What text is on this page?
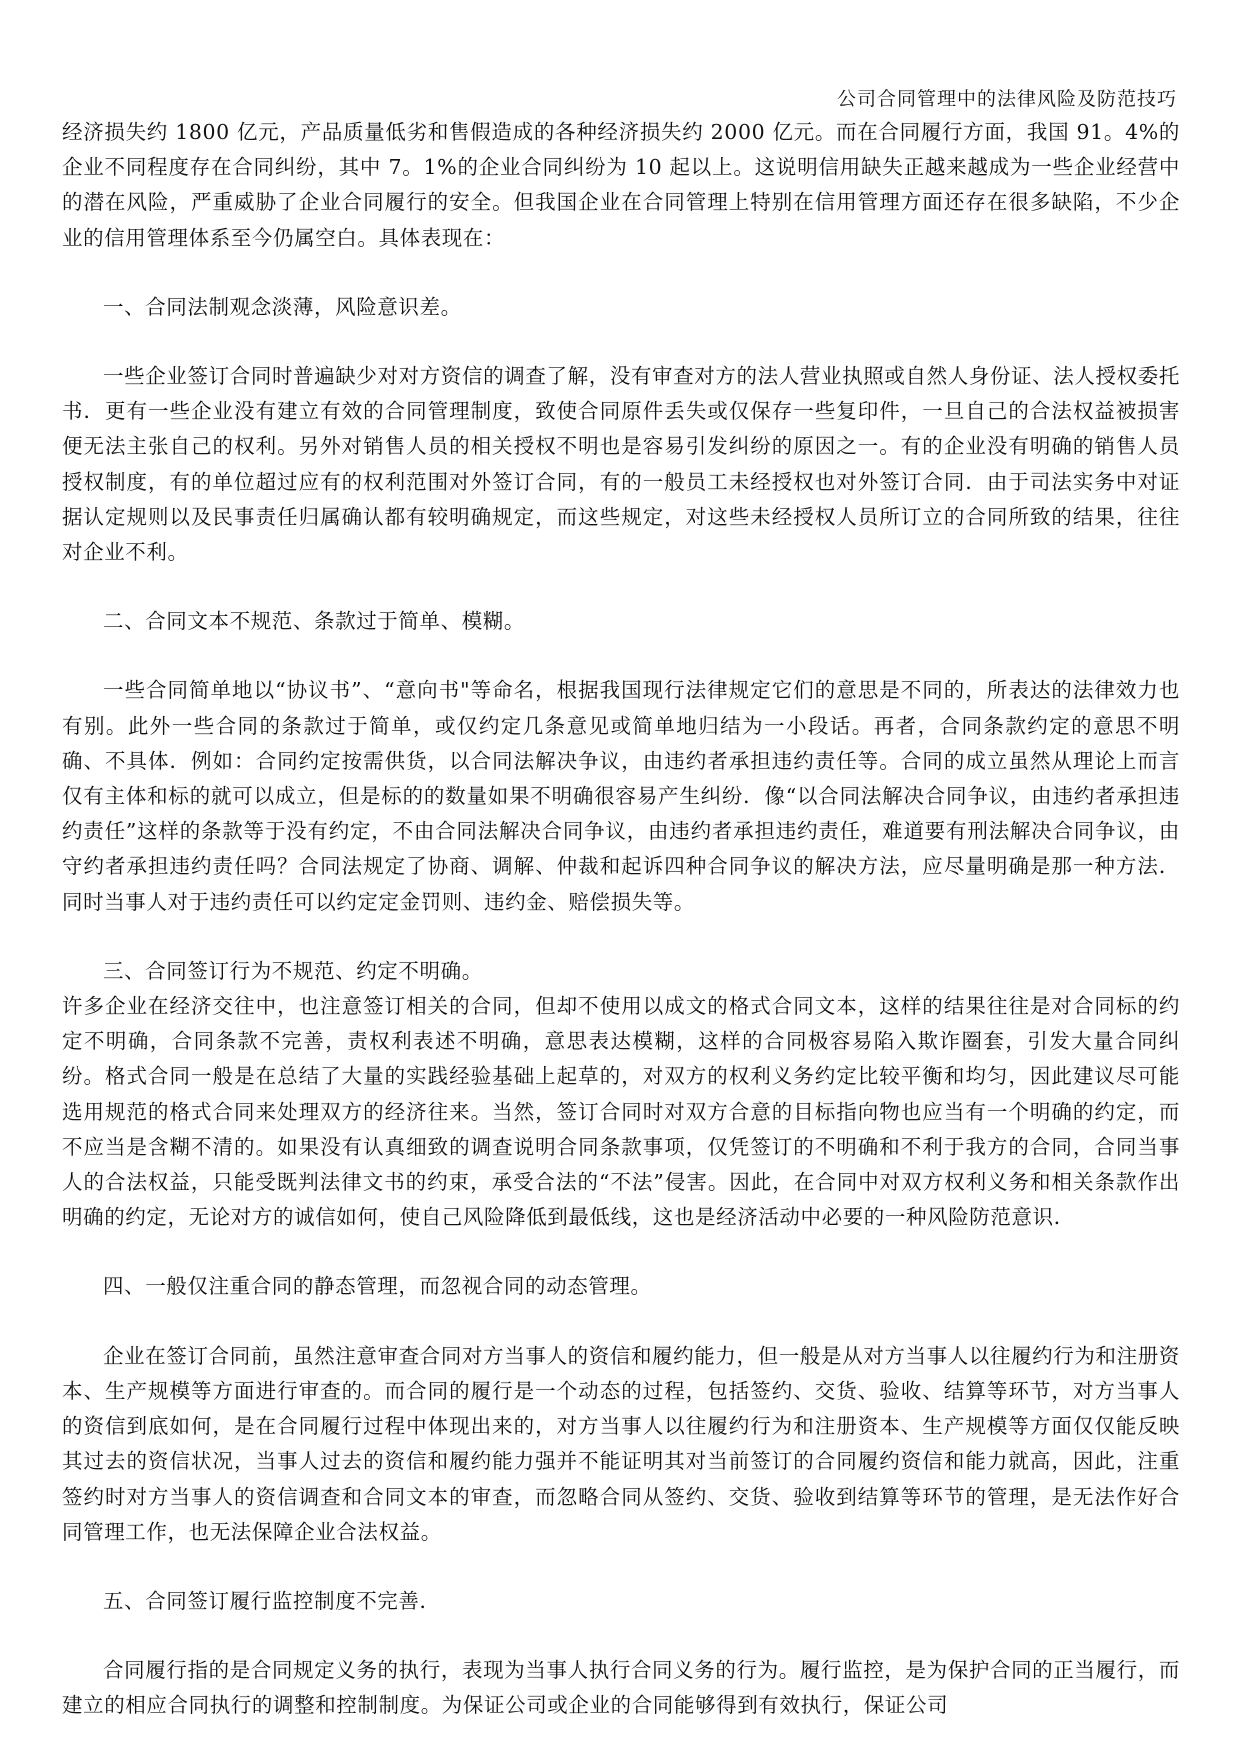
公司合同管理中的法律风险及防范技巧

经济损失约 1800 亿元，产品质量低劣和售假造成的各种经济损失约 2000 亿元。而在合同履行方面，我国 91。4%的企业不同程度存在合同纠纷，其中 7。1%的企业合同纠纷为 10 起以上。这说明信用缺失正越来越成为一些企业经营中的潜在风险，严重威胁了企业合同履行的安全。但我国企业在合同管理上特别在信用管理方面还存在很多缺陷，不少企业的信用管理体系至今仍属空白。具体表现在：

一、合同法制观念淡薄，风险意识差。

一些企业签订合同时普遍缺少对对方资信的调查了解，没有审查对方的法人营业执照或自然人身份证、法人授权委托书．更有一些企业没有建立有效的合同管理制度，致使合同原件丢失或仅保存一些复印件，一旦自己的合法权益被损害便无法主张自己的权利。另外对销售人员的相关授权不明也是容易引发纠纷的原因之一。有的企业没有明确的销售人员授权制度，有的单位超过应有的权利范围对外签订合同，有的一般员工未经授权也对外签订合同．由于司法实务中对证据认定规则以及民事责任归属确认都有较明确规定，而这些规定，对这些未经授权人员所订立的合同所致的结果，往往对企业不利。

二、合同文本不规范、条款过于简单、模糊。

一些合同简单地以“协议书”、“意向书"等命名，根据我国现行法律规定它们的意思是不同的，所表达的法律效力也有别。此外一些合同的条款过于简单，或仅约定几条意见或简单地归结为一小段话。再者，合同条款约定的意思不明确、不具体．例如：合同约定按需供货，以合同法解决争议，由违约者承担违约责任等。合同的成立虽然从理论上而言仅有主体和标的就可以成立，但是标的的数量如果不明确很容易产生纠纷．像“以合同法解决合同争议，由违约者承担违约责任”这样的条款等于没有约定，不由合同法解决合同争议，由违约者承担违约责任，难道要有刑法解决合同争议，由守约者承担违约责任吗？合同法规定了协商、调解、仲裁和起诉四种合同争议的解决方法，应尽量明确是那一种方法．同时当事人对于违约责任可以约定定金罚则、违约金、赔偿损失等。

三、合同签订行为不规范、约定不明确。

许多企业在经济交往中，也注意签订相关的合同，但却不使用以成文的格式合同文本，这样的结果往往是对合同标的约定不明确，合同条款不完善，责权利表述不明确，意思表达模糊，这样的合同极容易陷入欺诈圈套，引发大量合同纠纷。格式合同一般是在总结了大量的实践经验基础上起草的，对双方的权利义务约定比较平衡和均匀，因此建议尽可能选用规范的格式合同来处理双方的经济往来。当然，签订合同时对双方合意的目标指向物也应当有一个明确的约定，而不应当是含糊不清的。如果没有认真细致的调查说明合同条款事项，仅凭签订的不明确和不利于我方的合同，合同当事人的合法权益，只能受既判法律文书的约束，承受合法的“不法”侵害。因此，在合同中对双方权利义务和相关条款作出明确的约定，无论对方的诚信如何，使自己风险降低到最低线，这也是经济活动中必要的一种风险防范意识．

四、一般仅注重合同的静态管理，而忽视合同的动态管理。

企业在签订合同前，虽然注意审查合同对方当事人的资信和履约能力，但一般是从对方当事人以往履约行为和注册资本、生产规模等方面进行审查的。而合同的履行是一个动态的过程，包括签约、交货、验收、结算等环节，对方当事人的资信到底如何，是在合同履行过程中体现出来的，对方当事人以往履约行为和注册资本、生产规模等方面仅仅能反映其过去的资信状况，当事人过去的资信和履约能力强并不能证明其对当前签订的合同履约资信和能力就高，因此，注重签约时对方当事人的资信调查和合同文本的审查，而忽略合同从签约、交货、验收到结算等环节的管理，是无法作好合同管理工作，也无法保障企业合法权益。

五、合同签订履行监控制度不完善．

合同履行指的是合同规定义务的执行，表现为当事人执行合同义务的行为。履行监控，是为保护合同的正当履行，而建立的相应合同执行的调整和控制制度。为保证公司或企业的合同能够得到有效执行，保证公司
